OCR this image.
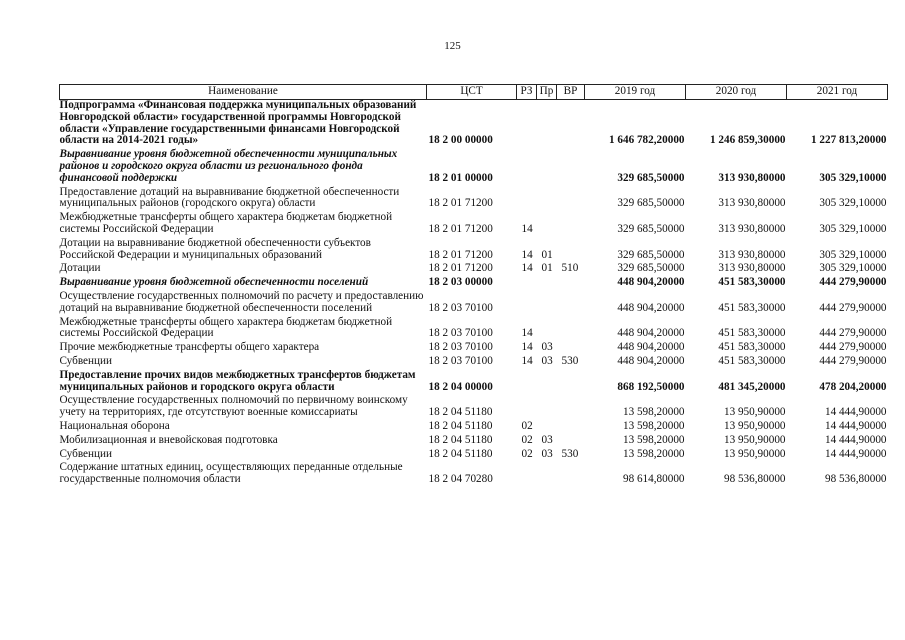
125
Наименование	ЦСТ	РЗ	Пр	ВР	2019 год	2020 год	2021 год
Подпрограмма «Финансовая поддержка муниципальных образований Новгородской области» государственной программы Новгородской области «Управление государственными финансами Новгородской области на 2014-2021 годы»	18 2 00 00000				1 646 782,20000	1 246 859,30000	1 227 813,20000
Выравнивание уровня бюджетной обеспеченности муниципальных районов и городского округа области из регионального фонда финансовой поддержки	18 2 01 00000				329 685,50000	313 930,80000	305 329,10000
Предоставление дотаций на выравнивание бюджетной обеспеченности муниципальных районов (городского округа) области	18 2 01 71200				329 685,50000	313 930,80000	305 329,10000
Межбюджетные трансферты общего характера бюджетам бюджетной системы Российской Федерации	18 2 01 71200	14			329 685,50000	313 930,80000	305 329,10000
Дотации на выравнивание бюджетной обеспеченности субъектов Российской Федерации и муниципальных образований	18 2 01 71200	14	01		329 685,50000	313 930,80000	305 329,10000
Дотации	18 2 01 71200	14	01	510	329 685,50000	313 930,80000	305 329,10000
Выравнивание уровня бюджетной обеспеченности поселений	18 2 03 00000				448 904,20000	451 583,30000	444 279,90000
Осуществление государственных полномочий по расчету и предоставлению дотаций на выравнивание бюджетной обеспеченности поселений	18 2 03 70100				448 904,20000	451 583,30000	444 279,90000
Межбюджетные трансферты общего характера бюджетам бюджетной системы Российской Федерации	18 2 03 70100	14			448 904,20000	451 583,30000	444 279,90000
Прочие межбюджетные трансферты общего характера	18 2 03 70100	14	03		448 904,20000	451 583,30000	444 279,90000
Субвенции	18 2 03 70100	14	03	530	448 904,20000	451 583,30000	444 279,90000
Предоставление прочих видов межбюджетных трансфертов бюджетам муниципальных районов и городского округа области	18 2 04 00000				868 192,50000	481 345,20000	478 204,20000
Осуществление государственных полномочий по первичному воинскому учету на территориях, где отсутствуют военные комиссариаты	18 2 04 51180				13 598,20000	13 950,90000	14 444,90000
Национальная оборона	18 2 04 51180	02			13 598,20000	13 950,90000	14 444,90000
Мобилизационная и вневойсковая подготовка	18 2 04 51180	02	03		13 598,20000	13 950,90000	14 444,90000
Субвенции	18 2 04 51180	02	03	530	13 598,20000	13 950,90000	14 444,90000
Содержание штатных единиц, осуществляющих переданные отдельные государственные полномочия области	18 2 04 70280				98 614,80000	98 536,80000	98 536,80000
